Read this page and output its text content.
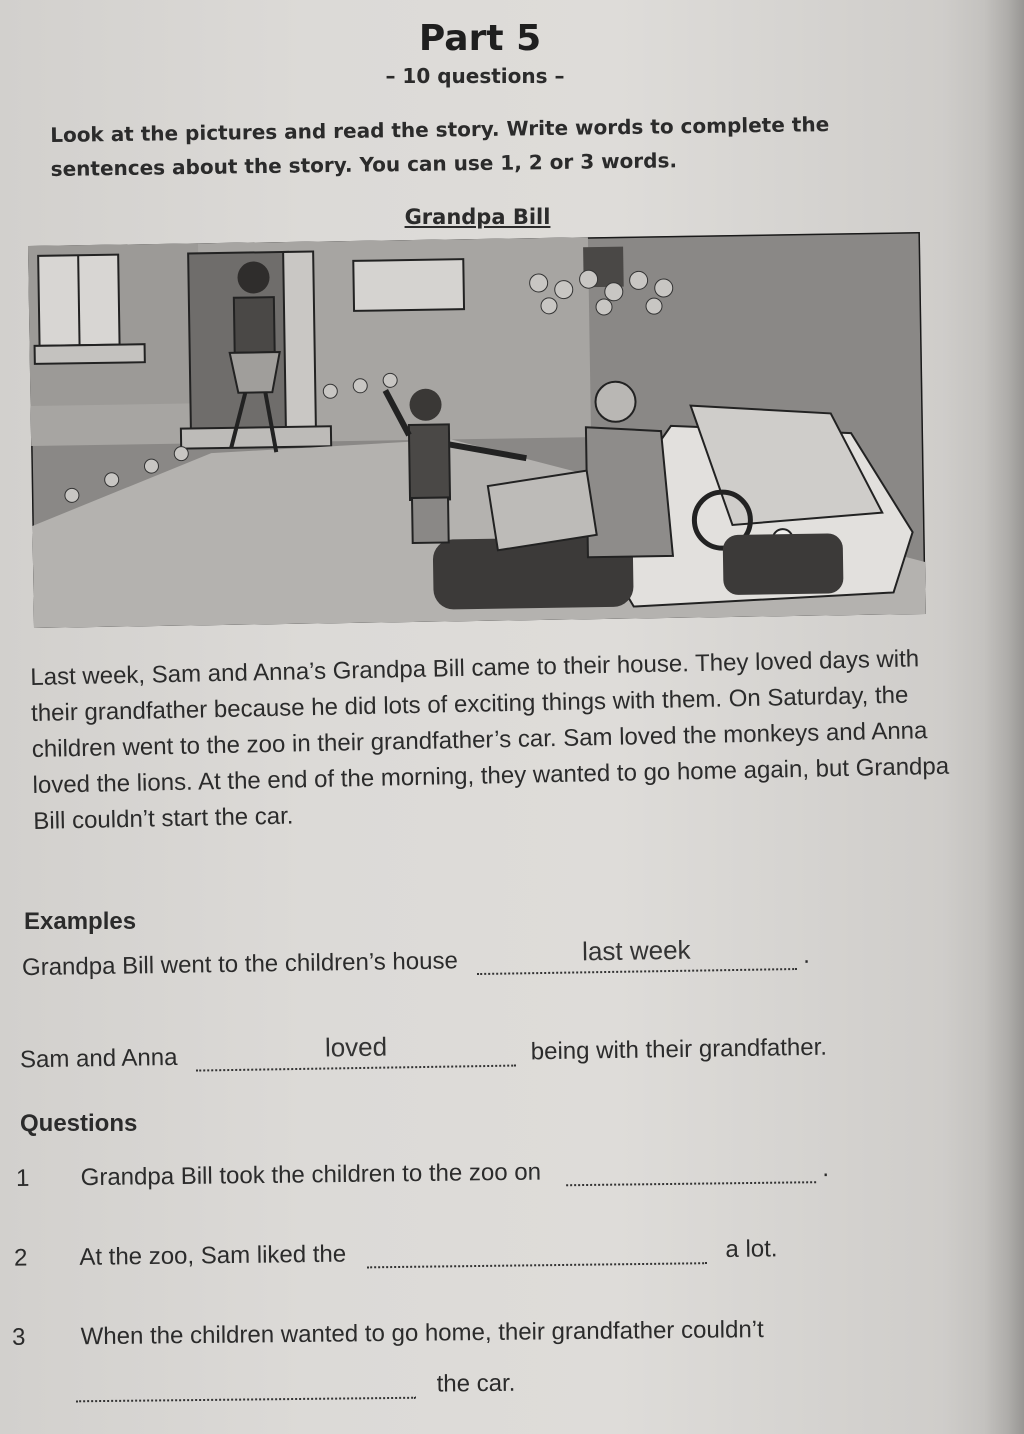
Part 5
– 10 questions –
Look at the pictures and read the story. Write words to complete the sentences about the story. You can use 1, 2 or 3 words.
Grandpa Bill
Last week, Sam and Anna’s Grandpa Bill came to their house. They loved days with their grandfather because he did lots of exciting things with them. On Saturday, the children went to the zoo in their grandfather’s car. Sam loved the monkeys and Anna loved the lions. At the end of the morning, they wanted to go home again, but Grandpa Bill couldn’t start the car.
Examples
Grandpa Bill went to the children’s house	last week	.
Sam and Anna	loved	being with their grandfather.
Questions
1 Grandpa Bill took the children to the zoo on	.
2 At the zoo, Sam liked the	a lot.
3 When the children wanted to go home, their grandfather couldn’t
the car.
